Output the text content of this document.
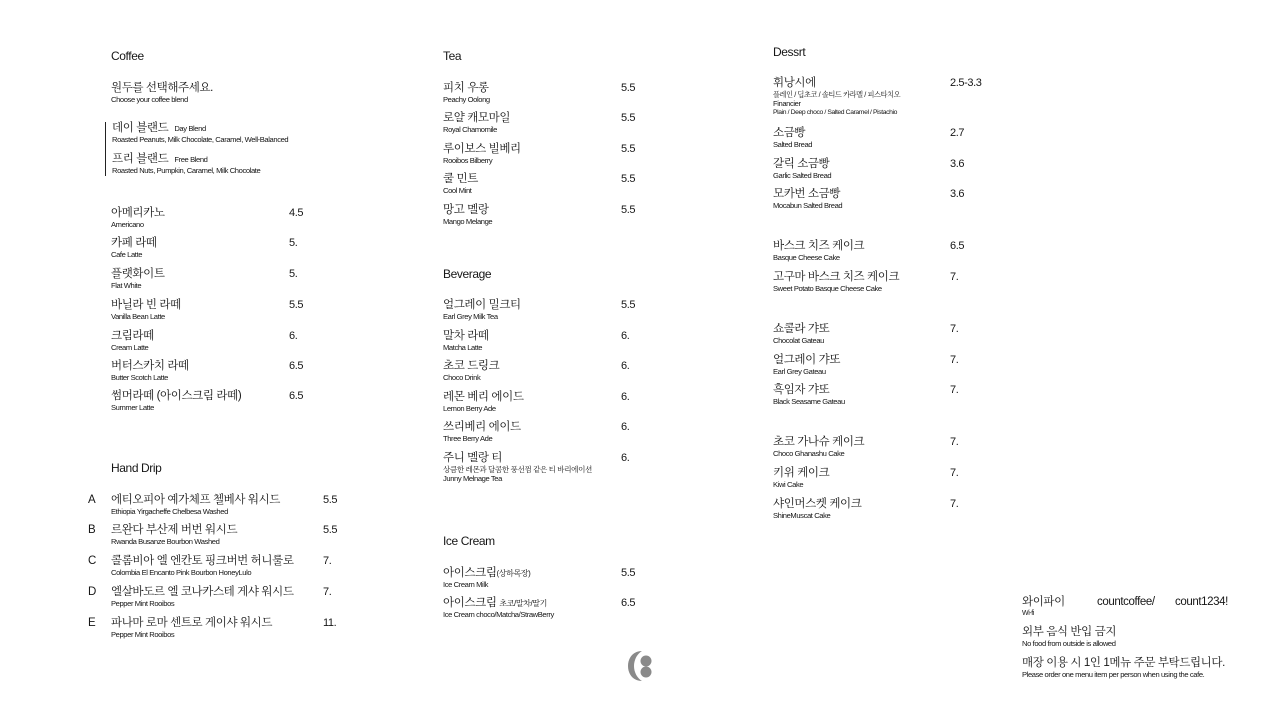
Coffee
원두를 선택해주세요.
Choose your coffee blend
데이 블랜드 Day Blend
Roasted Peanuts, Milk Chocolate, Caramel, Well-Balanced
프리 블랜드 Free Blend
Roasted Nuts, Pumpkin, Caramel, Milk Chocolate
아메리카노
Americano
4.5
카페 라떼
Cafe Latte
5.
플랫화이트
Flat White
5.
바닐라 빈 라떼
Vanilla Bean Latte
5.5
크림라떼
Cream Latte
6.
버터스카치 라떼
Butter Scotch Latte
6.5
썸머라떼 (아이스크림 라떼)
Summer Latte
6.5
Hand Drip
A 에티오피아 예가체프 첼베사 워시드
Ethiopia Yirgacheffe Chelbesa Washed
5.5
B 르완다 부산제 버번 워시드
Rwanda Busanze Bourbon Washed
5.5
C 콜롬비아 엘 엔칸토 핑크버번 허니룰로
Colombia El Encanto Pink Bourbon HoneyLulo
7.
D 엘살바도르 엘 코나카스테 게샤 워시드
Pepper Mint Rooibos
7.
E 파나마 로마 센트로 게이샤 워시드
Pepper Mint Rooibos
11.
Tea
피치 우롱
Peachy Oolong
5.5
로얄 캐모마일
Royal Chamomile
5.5
루이보스 빌베리
Rooibos Bilberry
5.5
쿨 민트
Cool Mint
5.5
망고 멜랑
Mango Melange
5.5
Beverage
얼그레이 밀크티
Earl Grey Milk Tea
5.5
말차 라떼
Matcha Latte
6.
초코 드링크
Choco Drink
6.
레몬 베리 에이드
Lemon Berry Ade
6.
쓰리베리 에이드
Three Berry Ade
6.
주니 멜랑 티
상큼한 레몬과 달콤한 풍선껌 같은 티 바리에이션
Junny Melnage Tea
6.
Ice Cream
아이스크림(상하목장)
Ice Cream Milk
5.5
아이스크림 초코/말차/딸기
Ice Cream choco/Matcha/StrawBerry
6.5
Dessrt
휘낭시에
플레인 / 딥초코 / 솔티드 카라멜 / 피스타치오
Financier
Plain / Deep choco / Salted Caramel / Pistachio
2.5-3.3
소금빵
Salted Bread
2.7
갈릭 소금빵
Garlic Salted Bread
3.6
모카번 소금빵
Mocabun Salted Bread
3.6
바스크 치즈 케이크
Basque Cheese Cake
6.5
고구마 바스크 치즈 케이크
Sweet Potato Basque Cheese Cake
7.
쇼콜라 갸또
Chocolat Gateau
7.
얼그레이 갸또
Earl Grey Gateau
7.
흑임자 갸또
Black Seasame Gateau
7.
초코 가나슈 케이크
Choco Ghanashu Cake
7.
키위 케이크
Kiwi Cake
7.
샤인머스켓 케이크
ShineMuscat Cake
7.
와이파이
Wi-fi
countcoffee/ count1234!
외부 음식 반입 금지
No food from outside is allowed
매장 이용 시 1인 1메뉴 주문 부탁드립니다.
Please order one menu item per person when using the cafe.
